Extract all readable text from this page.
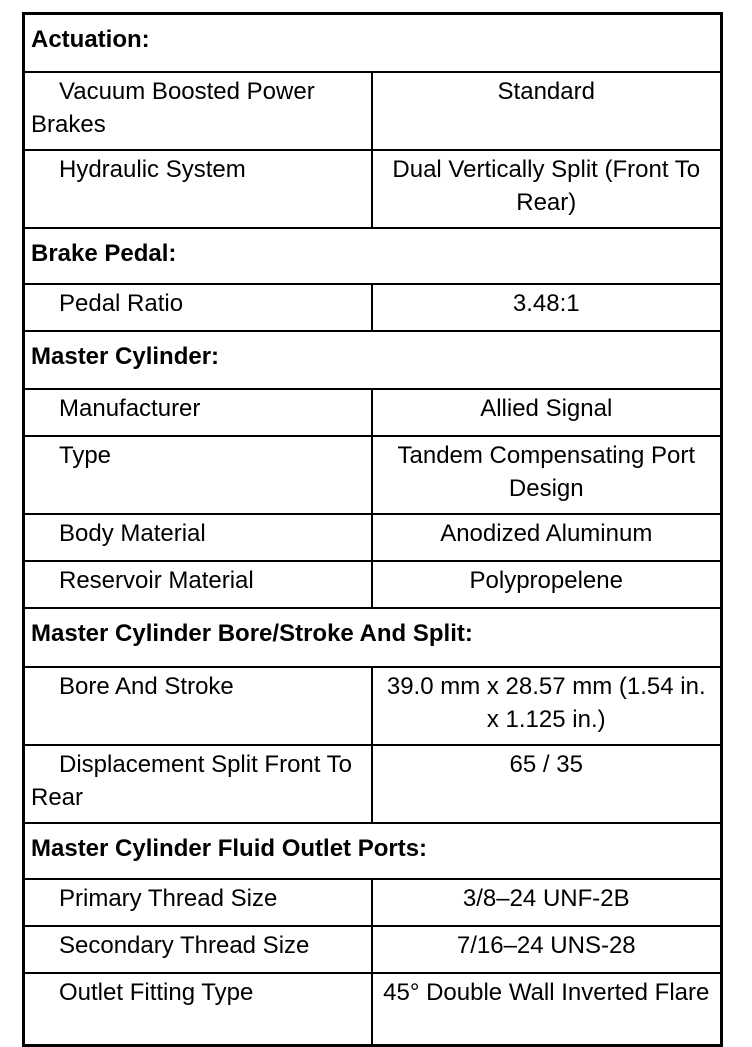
Actuation:	
Vacuum Boosted Power Brakes	Standard
Hydraulic System	Dual Vertically Split (Front To Rear)
Brake Pedal:	
Pedal Ratio	3.48:1
Master Cylinder:	
Manufacturer	Allied Signal
Type	Tandem Compensating Port Design
Body Material	Anodized Aluminum
Reservoir Material	Polypropelene
Master Cylinder Bore/Stroke And Split:	
Bore And Stroke	39.0 mm x 28.57 mm (1.54 in. x 1.125 in.)
Displacement Split Front To Rear	65 / 35
Master Cylinder Fluid Outlet Ports:	
Primary Thread Size	3/8–24 UNF-2B
Secondary Thread Size	7/16–24 UNS-28
Outlet Fitting Type	45° Double Wall Inverted Flare
